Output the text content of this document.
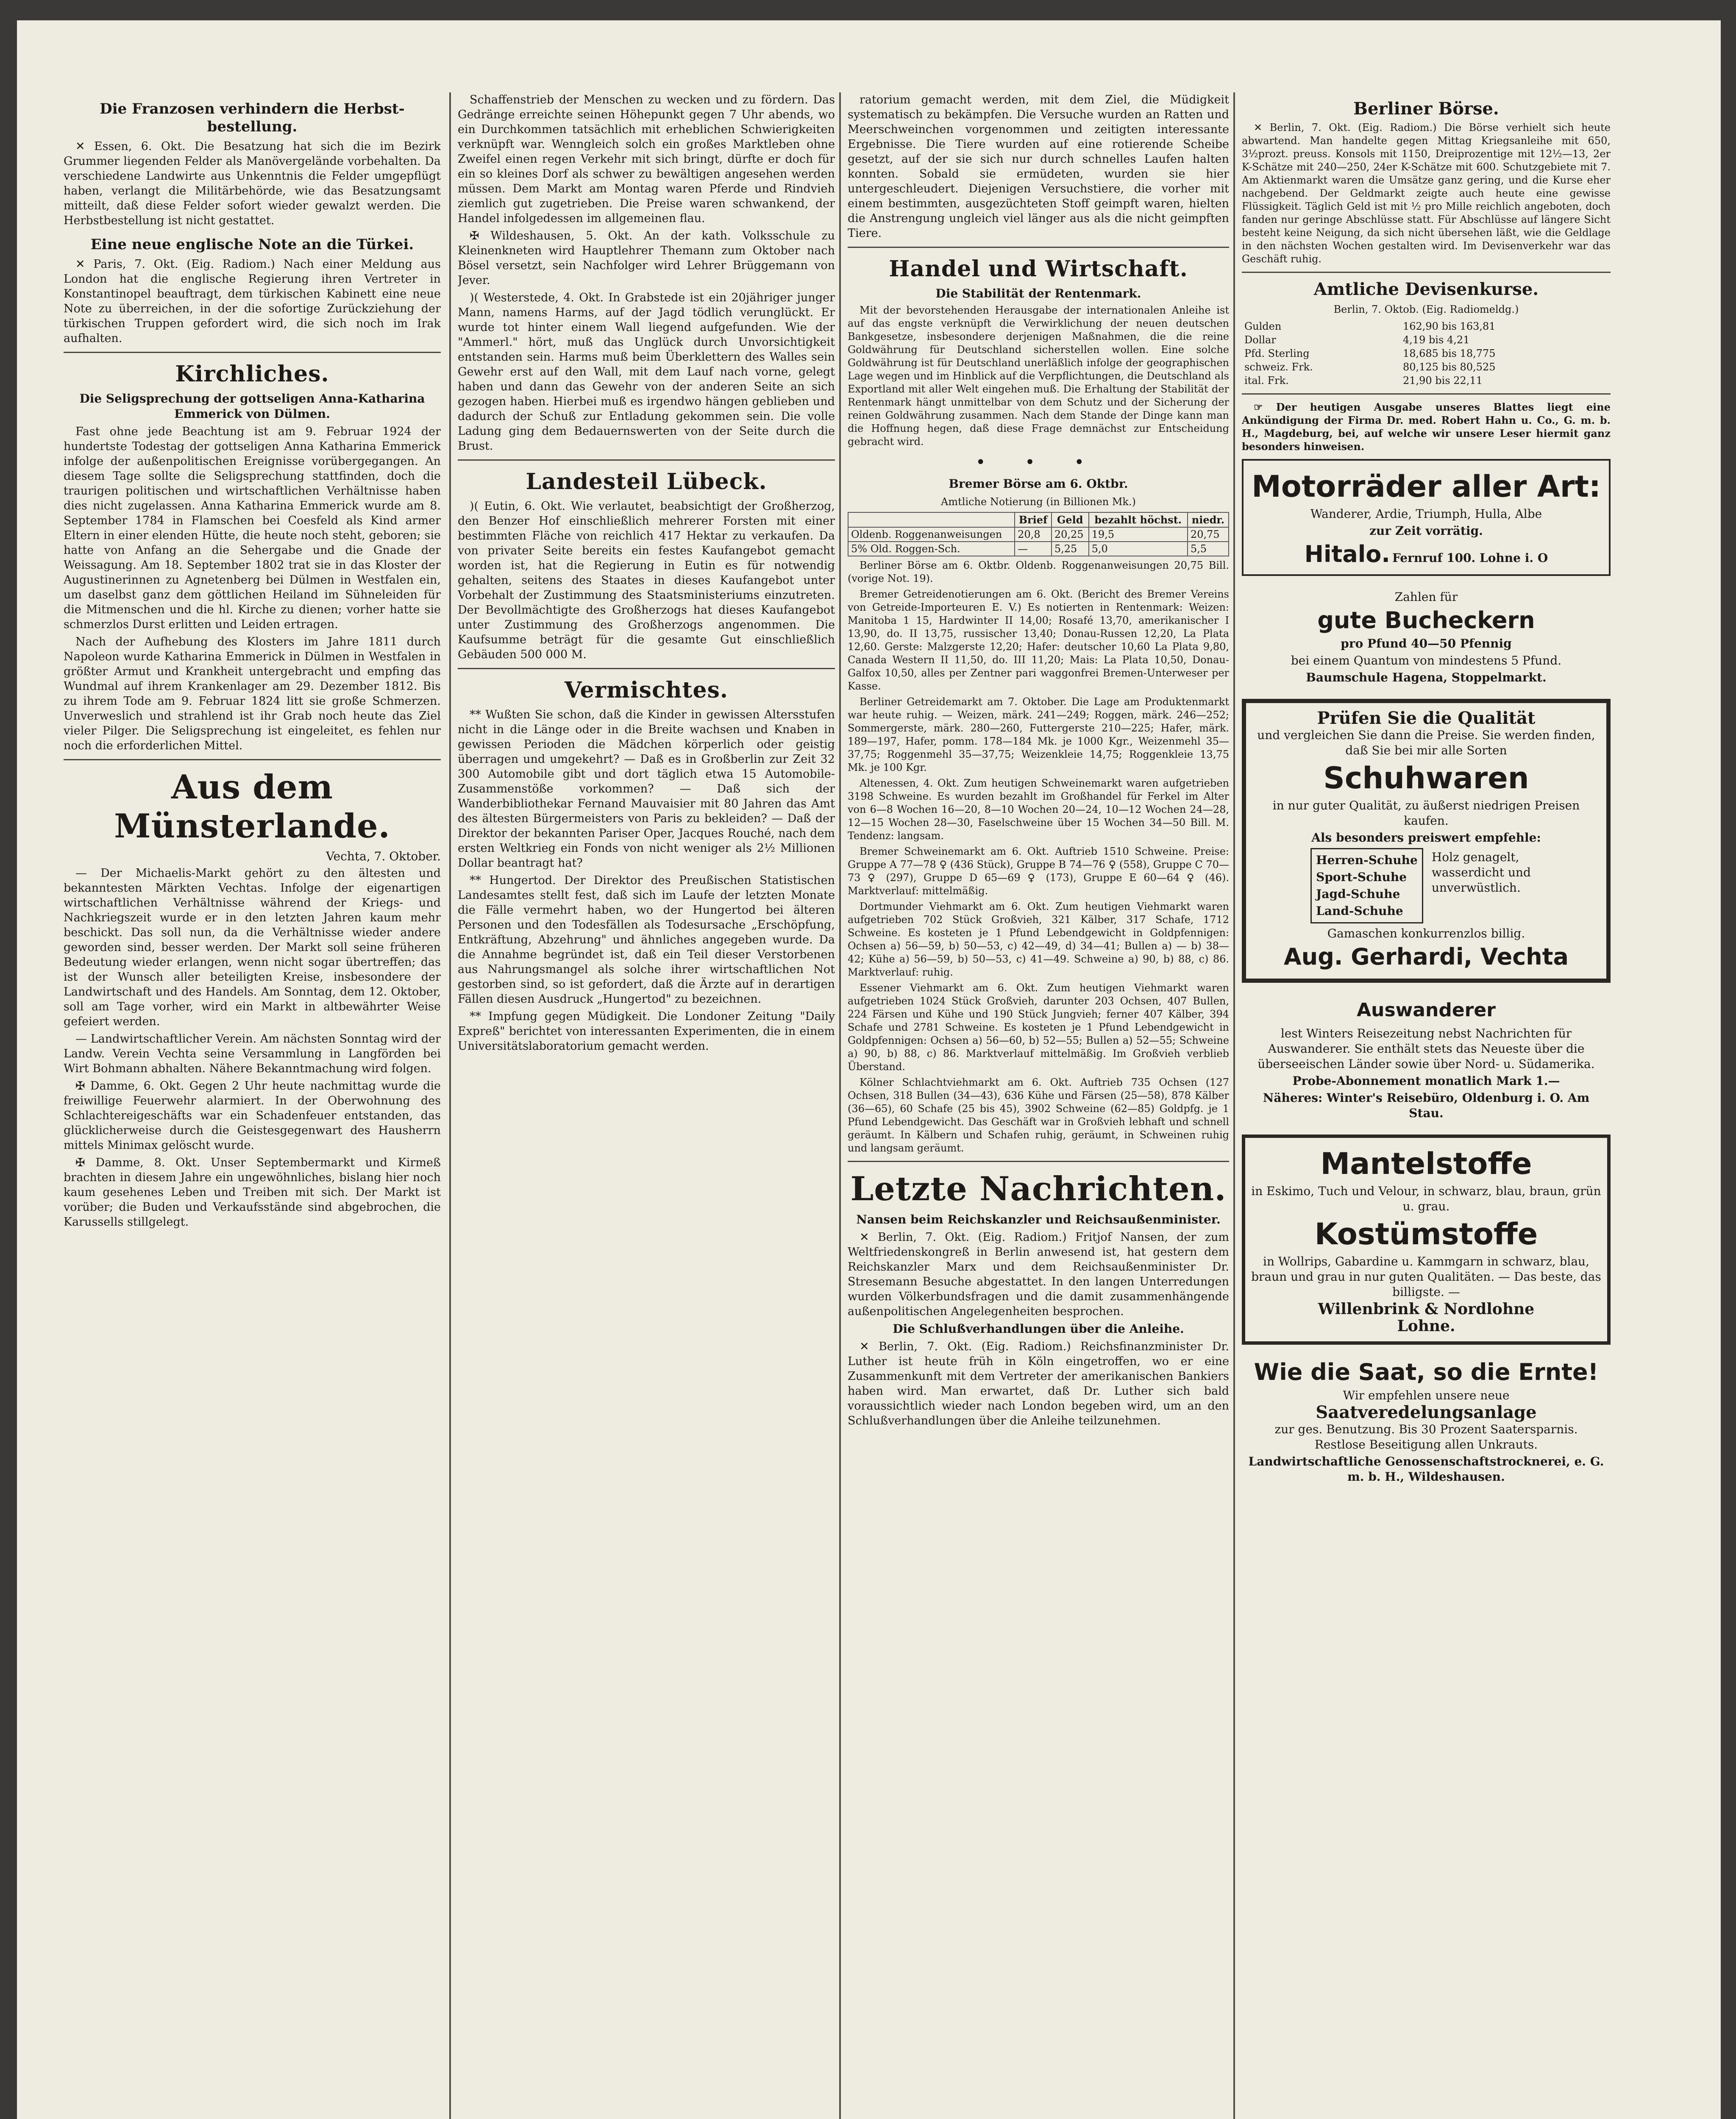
Die Franzosen verhindern die Herbst-bestellung.

✕ Essen, 6. Okt. Die Besatzung hat sich die im Bezirk Grummer liegenden Felder als Manövergelände vorbehalten. Da verschiedene Landwirte aus Unkenntnis die Felder umgepflügt haben, verlangt die Militärbehörde, wie das Besatzungsamt mitteilt, daß diese Felder sofort wieder gewalzt werden. Die Herbstbestellung ist nicht gestattet.

Eine neue englische Note an die Türkei.

✕ Paris, 7. Okt. (Eig. Radiom.) Nach einer Meldung aus London hat die englische Regierung ihren Vertreter in Konstantinopel beauftragt, dem türkischen Kabinett eine neue Note zu überreichen, in der die sofortige Zurückziehung der türkischen Truppen gefordert wird, die sich noch im Irak aufhalten.

Kirchliches.
Die Seligsprechung der gottseligen Anna-Katharina Emmerick von Dülmen.

Fast ohne jede Beachtung ist am 9. Februar 1924 der hundertste Todestag der gottseligen Anna Katharina Emmerick infolge der außenpolitischen Ereignisse vorübergegangen. An diesem Tage sollte die Seligsprechung stattfinden, doch die traurigen politischen und wirtschaftlichen Verhältnisse haben dies nicht zugelassen. Anna Katharina Emmerick wurde am 8. September 1784 in Flamschen bei Coesfeld als Kind armer Eltern in einer elenden Hütte, die heute noch steht, geboren; sie hatte von Anfang an die Sehergabe und die Gnade der Weissagung. Am 18. September 1802 trat sie in das Kloster der Augustinerinnen zu Agnetenberg bei Dülmen in Westfalen ein, um daselbst ganz dem göttlichen Heiland im Sühneleiden für die Mitmenschen und die hl. Kirche zu dienen; vorher hatte sie schmerzlos Durst erlitten und Leiden ertragen.

Nach der Aufhebung des Klosters im Jahre 1811 durch Napoleon wurde Katharina Emmerick in Dülmen in Westfalen in größter Armut und Krankheit untergebracht und empfing das Wundmal auf ihrem Krankenlager am 29. Dezember 1812. Bis zu ihrem Tode am 9. Februar 1824 litt sie große Schmerzen. Unverweslich und strahlend ist ihr Grab noch heute das Ziel vieler Pilger. Die Seligsprechung ist eingeleitet, es fehlen nur noch die erforderlichen Mittel.

Aus dem Münsterlande.
Vechta, 7. Oktober.

— Der Michaelis-Markt gehört zu den ältesten und bekanntesten Märkten Vechtas. Infolge der eigenartigen wirtschaftlichen Verhältnisse während der Kriegs- und Nachkriegszeit wurde er in den letzten Jahren kaum mehr beschickt. Das soll nun, da die Verhältnisse wieder andere geworden sind, besser werden. Der Markt soll seine früheren Bedeutung wieder erlangen, wenn nicht sogar übertreffen; das ist der Wunsch aller beteiligten Kreise, insbesondere der Landwirtschaft und des Handels. Am Sonntag, dem 12. Oktober, soll am Tage vorher, wird ein Markt in altbewährter Weise gefeiert werden.

— Landwirtschaftlicher Verein. Am nächsten Sonntag wird der Landw. Verein Vechta seine Versammlung in Langförden bei Wirt Bohmann abhalten. Nähere Bekanntmachung wird folgen.

✠ Damme, 6. Okt. Gegen 2 Uhr heute nachmittag wurde die freiwillige Feuerwehr alarmiert. In der Oberwohnung des Schlachtereigeschäfts war ein Schadenfeuer entstanden, das glücklicherweise durch die Geistesgegenwart des Hausherrn mittels Minimax gelöscht wurde.

✠ Damme, 8. Okt. Unser Septembermarkt und Kirmeß brachten in diesem Jahre ein ungewöhnliches, bislang hier noch kaum gesehenes Leben und Treiben mit sich. Der Markt ist vorüber; die Buden und Verkaufsstände sind abgebrochen, die Karussells stillgelegt.

Schaffenstrieb der Menschen zu wecken und zu fördern. Das Gedränge erreichte seinen Höhepunkt gegen 7 Uhr abends, wo ein Durchkommen tatsächlich mit erheblichen Schwierigkeiten verknüpft war. Wenngleich solch ein großes Marktleben ohne Zweifel einen regen Verkehr mit sich bringt, dürfte er doch für ein so kleines Dorf als schwer zu bewältigen angesehen werden müssen. Dem Markt am Montag waren Pferde und Rindvieh ziemlich gut zugetrieben. Die Preise waren schwankend, der Handel infolgedessen im allgemeinen flau.

✠ Wildeshausen, 5. Okt. An der kath. Volksschule zu Kleinenkneten wird Hauptlehrer Themann zum Oktober nach Bösel versetzt, sein Nachfolger wird Lehrer Brüggemann von Jever.

)( Westerstede, 4. Okt. In Grabstede ist ein 20jähriger junger Mann, namens Harms, auf der Jagd tödlich verunglückt. Er wurde tot hinter einem Wall liegend aufgefunden. Wie der "Ammerl." hört, muß das Unglück durch Unvorsichtigkeit entstanden sein. Harms muß beim Überklettern des Walles sein Gewehr erst auf den Wall, mit dem Lauf nach vorne, gelegt haben und dann das Gewehr von der anderen Seite an sich gezogen haben. Hierbei muß es irgendwo hängen geblieben und dadurch der Schuß zur Entladung gekommen sein. Die volle Ladung ging dem Bedauernswerten von der Seite durch die Brust.

Landesteil Lübeck.

)( Eutin, 6. Okt. Wie verlautet, beabsichtigt der Großherzog, den Benzer Hof einschließlich mehrerer Forsten mit einer bestimmten Fläche von reichlich 417 Hektar zu verkaufen. Da von privater Seite bereits ein festes Kaufangebot gemacht worden ist, hat die Regierung in Eutin es für notwendig gehalten, seitens des Staates in dieses Kaufangebot unter Vorbehalt der Zustimmung des Staatsministeriums einzutreten. Der Bevollmächtigte des Großherzogs hat dieses Kaufangebot unter Zustimmung des Großherzogs angenommen. Die Kaufsumme beträgt für die gesamte Gut einschließlich Gebäuden 500 000 M.

Vermischtes.

** Wußten Sie schon, daß die Kinder in gewissen Altersstufen nicht in die Länge oder in die Breite wachsen und Knaben in gewissen Perioden die Mädchen körperlich oder geistig überragen und umgekehrt? — Daß es in Großberlin zur Zeit 32 300 Automobile gibt und dort täglich etwa 15 Automobile-Zusammenstöße vorkommen? — Daß sich der Wanderbibliothekar Fernand Mauvaisier mit 80 Jahren das Amt des ältesten Bürgermeisters von Paris zu bekleiden? — Daß der Direktor der bekannten Pariser Oper, Jacques Rouché, nach dem ersten Weltkrieg ein Fonds von nicht weniger als 2½ Millionen Dollar beantragt hat?

** Hungertod. Der Direktor des Preußischen Statistischen Landesamtes stellt fest, daß sich im Laufe der letzten Monate die Fälle vermehrt haben, wo der Hungertod bei älteren Personen und den Todesfällen als Todesursache „Erschöpfung, Entkräftung, Abzehrung" und ähnliches angegeben wurde. Da die Annahme begründet ist, daß ein Teil dieser Verstorbenen aus Nahrungsmangel als solche ihrer wirtschaftlichen Not gestorben sind, so ist gefordert, daß die Ärzte auf in derartigen Fällen diesen Ausdruck „Hungertod" zu bezeichnen.

** Impfung gegen Müdigkeit. Die Londoner Zeitung "Daily Expreß" berichtet von interessanten Experimenten, die in einem Universitätslaboratorium gemacht werden.

ratorium gemacht werden, mit dem Ziel, die Müdigkeit systematisch zu bekämpfen. Die Versuche wurden an Ratten und Meerschweinchen vorgenommen und zeitigten interessante Ergebnisse. Die Tiere wurden auf eine rotierende Scheibe gesetzt, auf der sie sich nur durch schnelles Laufen halten konnten. Sobald sie ermüdeten, wurden sie hier untergeschleudert. Diejenigen Versuchstiere, die vorher mit einem bestimmten, ausgezüchteten Stoff geimpft waren, hielten die Anstrengung ungleich viel länger aus als die nicht geimpften Tiere.

Handel und Wirtschaft.
Die Stabilität der Rentenmark.

Mit der bevorstehenden Herausgabe der internationalen Anleihe ist auf das engste verknüpft die Verwirklichung der neuen deutschen Bankgesetze, insbesondere derjenigen Maßnahmen, die die reine Goldwährung für Deutschland sicherstellen wollen. Eine solche Goldwährung ist für Deutschland unerläßlich infolge der geographischen Lage wegen und im Hinblick auf die Verpflichtungen, die Deutschland als Exportland mit aller Welt eingehen muß. Die Erhaltung der Stabilität der Rentenmark hängt unmittelbar von dem Schutz und der Sicherung der reinen Goldwährung zusammen. Nach dem Stande der Dinge kann man die Hoffnung hegen, daß diese Frage demnächst zur Entscheidung gebracht wird.

• • •
Bremer Börse am 6. Oktbr.
Amtliche Notierung (in Billionen Mk.)
	Brief	Geld	bezahlt höchst.	niedr.
Oldenb. Roggenanweisungen	20,8	20,25	19,5	20,75
5% Old. Roggen-Sch.	—	5,25	5,0	5,5

Berliner Börse am 6. Oktbr. Oldenb. Roggenanweisungen 20,75 Bill. (vorige Not. 19).

Bremer Getreidenotierungen am 6. Okt. (Bericht des Bremer Vereins von Getreide-Importeuren E. V.) Es notierten in Rentenmark: Weizen: Manitoba 1 15, Hardwinter II 14,00; Rosafé 13,70, amerikanischer I 13,90, do. II 13,75, russischer 13,40; Donau-Russen 12,20, La Plata 12,60. Gerste: Malzgerste 12,20; Hafer: deutscher 10,60 La Plata 9,80, Canada Western II 11,50, do. III 11,20; Mais: La Plata 10,50, Donau-Galfox 10,50, alles per Zentner pari waggonfrei Bremen-Unterweser per Kasse.

Berliner Getreidemarkt am 7. Oktober. Die Lage am Produktenmarkt war heute ruhig. — Weizen, märk. 241—249; Roggen, märk. 246—252; Sommergerste, märk. 280—260, Futtergerste 210—225; Hafer, märk. 189—197, Hafer, pomm. 178—184 Mk. je 1000 Kgr., Weizenmehl 35—37,75; Roggenmehl 35—37,75; Weizenkleie 14,75; Roggenkleie 13,75 Mk. je 100 Kgr.

Altenessen, 4. Okt. Zum heutigen Schweinemarkt waren aufgetrieben 3198 Schweine. Es wurden bezahlt im Großhandel für Ferkel im Alter von 6—8 Wochen 16—20, 8—10 Wochen 20—24, 10—12 Wochen 24—28, 12—15 Wochen 28—30, Faselschweine über 15 Wochen 34—50 Bill. M. Tendenz: langsam.

Bremer Schweinemarkt am 6. Okt. Auftrieb 1510 Schweine. Preise: Gruppe A 77—78 ♀ (436 Stück), Gruppe B 74—76 ♀ (558), Gruppe C 70—73 ♀ (297), Gruppe D 65—69 ♀ (173), Gruppe E 60—64 ♀ (46). Marktverlauf: mittelmäßig.

Dortmunder Viehmarkt am 6. Okt. Zum heutigen Viehmarkt waren aufgetrieben 702 Stück Großvieh, 321 Kälber, 317 Schafe, 1712 Schweine. Es kosteten je 1 Pfund Lebendgewicht in Goldpfennigen: Ochsen a) 56—59, b) 50—53, c) 42—49, d) 34—41; Bullen a) — b) 38—42; Kühe a) 56—59, b) 50—53, c) 41—49. Schweine a) 90, b) 88, c) 86. Marktverlauf: ruhig.

Essener Viehmarkt am 6. Okt. Zum heutigen Viehmarkt waren aufgetrieben 1024 Stück Großvieh, darunter 203 Ochsen, 407 Bullen, 224 Färsen und Kühe und 190 Stück Jungvieh; ferner 407 Kälber, 394 Schafe und 2781 Schweine. Es kosteten je 1 Pfund Lebendgewicht in Goldpfennigen: Ochsen a) 56—60, b) 52—55; Bullen a) 52—55; Schweine a) 90, b) 88, c) 86. Marktverlauf mittelmäßig. Im Großvieh verblieb Überstand.

Kölner Schlachtviehmarkt am 6. Okt. Auftrieb 735 Ochsen (127 Ochsen, 318 Bullen (34—43), 636 Kühe und Färsen (25—58), 878 Kälber (36—65), 60 Schafe (25 bis 45), 3902 Schweine (62—85) Goldpfg. je 1 Pfund Lebendgewicht. Das Geschäft war in Großvieh lebhaft und schnell geräumt. In Kälbern und Schafen ruhig, geräumt, in Schweinen ruhig und langsam geräumt.

Letzte Nachrichten.
Nansen beim Reichskanzler und Reichsaußenminister.

✕ Berlin, 7. Okt. (Eig. Radiom.) Fritjof Nansen, der zum Weltfriedenskongreß in Berlin anwesend ist, hat gestern dem Reichskanzler Marx und dem Reichsaußenminister Dr. Stresemann Besuche abgestattet. In den langen Unterredungen wurden Völkerbundsfragen und die damit zusammenhängende außenpolitischen Angelegenheiten besprochen.

Die Schlußverhandlungen über die Anleihe.

✕ Berlin, 7. Okt. (Eig. Radiom.) Reichsfinanzminister Dr. Luther ist heute früh in Köln eingetroffen, wo er eine Zusammenkunft mit dem Vertreter der amerikanischen Bankiers haben wird. Man erwartet, daß Dr. Luther sich bald voraussichtlich wieder nach London begeben wird, um an den Schlußverhandlungen über die Anleihe teilzunehmen.

Berliner Börse.

✕ Berlin, 7. Okt. (Eig. Radiom.) Die Börse verhielt sich heute abwartend. Man handelte gegen Mittag Kriegsanleihe mit 650, 3½prozt. preuss. Konsols mit 1150, Dreiprozentige mit 12½—13, 2er K-Schätze mit 240—250, 24er K-Schätze mit 600. Schutzgebiete mit 7. Am Aktienmarkt waren die Umsätze ganz gering, und die Kurse eher nachgebend. Der Geldmarkt zeigte auch heute eine gewisse Flüssigkeit. Täglich Geld ist mit ½ pro Mille reichlich angeboten, doch fanden nur geringe Abschlüsse statt. Für Abschlüsse auf längere Sicht besteht keine Neigung, da sich nicht übersehen läßt, wie die Geldlage in den nächsten Wochen gestalten wird. Im Devisenverkehr war das Geschäft ruhig.

Amtliche Devisenkurse.
Berlin, 7. Oktob. (Eig. Radiomeldg.)
Gulden	162,90 bis 163,81
Dollar	4,19 bis 4,21
Pfd. Sterling	18,685 bis 18,775
schweiz. Frk.	80,125 bis 80,525
ital. Frk.	21,90 bis 22,11

☞ Der heutigen Ausgabe unseres Blattes liegt eine Ankündigung der Firma Dr. med. Robert Hahn u. Co., G. m. b. H., Magdeburg, bei, auf welche wir unsere Leser hiermit ganz besonders hinweisen.

Motorräder aller Art:
Wanderer, Ardie, Triumph, Hulla, Albe
zur Zeit vorrätig.
Hitalo. Fernruf 100. Lohne i. O
Zahlen für
gute Bucheckern
pro Pfund 40—50 Pfennig
bei einem Quantum von mindestens 5 Pfund.
Baumschule Hagena, Stoppelmarkt.
Prüfen Sie die Qualität
und vergleichen Sie dann die Preise. Sie werden finden, daß Sie bei mir alle Sorten
Schuhwaren
in nur guter Qualität, zu äußerst niedrigen Preisen kaufen.
Als besonders preiswert empfehle:
Herren-Schuhe
Sport-Schuhe
Jagd-Schuhe
Land-Schuhe
Holz genagelt, wasserdicht und unverwüstlich.
Gamaschen konkurrenzlos billig.
Aug. Gerhardi, Vechta
Auswanderer
lest Winters Reisezeitung nebst Nachrichten für Auswanderer. Sie enthält stets das Neueste über die überseeischen Länder sowie über Nord- u. Südamerika.
Probe-Abonnement monatlich Mark 1.—
Näheres: Winter's Reisebüro, Oldenburg i. O. Am Stau.
Mantelstoffe
in Eskimo, Tuch und Velour, in schwarz, blau, braun, grün u. grau.
Kostümstoffe
in Wollrips, Gabardine u. Kammgarn in schwarz, blau, braun und grau in nur guten Qualitäten. — Das beste, das billigste. —
Willenbrink & Nordlohne
Lohne.
Wie die Saat, so die Ernte!
Wir empfehlen unsere neue
Saatveredelungsanlage
zur ges. Benutzung. Bis 30 Prozent Saatersparnis. Restlose Beseitigung allen Unkrauts.
Landwirtschaftliche Genossenschaftstrocknerei, e. G. m. b. H., Wildeshausen.
